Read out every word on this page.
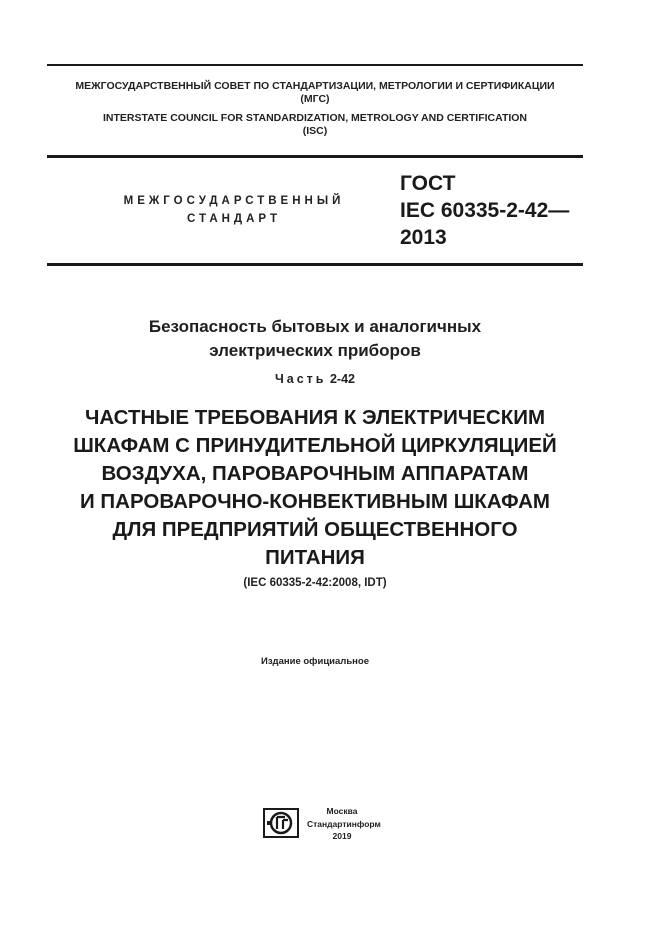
МЕЖГОСУДАРСТВЕННЫЙ СОВЕТ ПО СТАНДАРТИЗАЦИИ, МЕТРОЛОГИИ И СЕРТИФИКАЦИИ
(МГС)
INTERSTATE COUNCIL FOR STANDARDIZATION, METROLOGY AND CERTIFICATION
(ISC)
МЕЖГОСУДАРСТВЕННЫЙ
СТАНДАРТ
ГОСТ
IEC 60335-2-42—
2013
Безопасность бытовых и аналогичных
электрических приборов
Часть 2-42
ЧАСТНЫЕ ТРЕБОВАНИЯ К ЭЛЕКТРИЧЕСКИМ
ШКАФАМ С ПРИНУДИТЕЛЬНОЙ ЦИРКУЛЯЦИЕЙ
ВОЗДУХА, ПАРОВАРОЧНЫМ АППАРАТАМ
И ПАРОВАРОЧНО-КОНВЕКТИВНЫМ ШКАФАМ
ДЛЯ ПРЕДПРИЯТИЙ ОБЩЕСТВЕННОГО
ПИТАНИЯ
(IEC 60335-2-42:2008, IDT)
Издание официальное
Москва
Стандартинформ
2019
